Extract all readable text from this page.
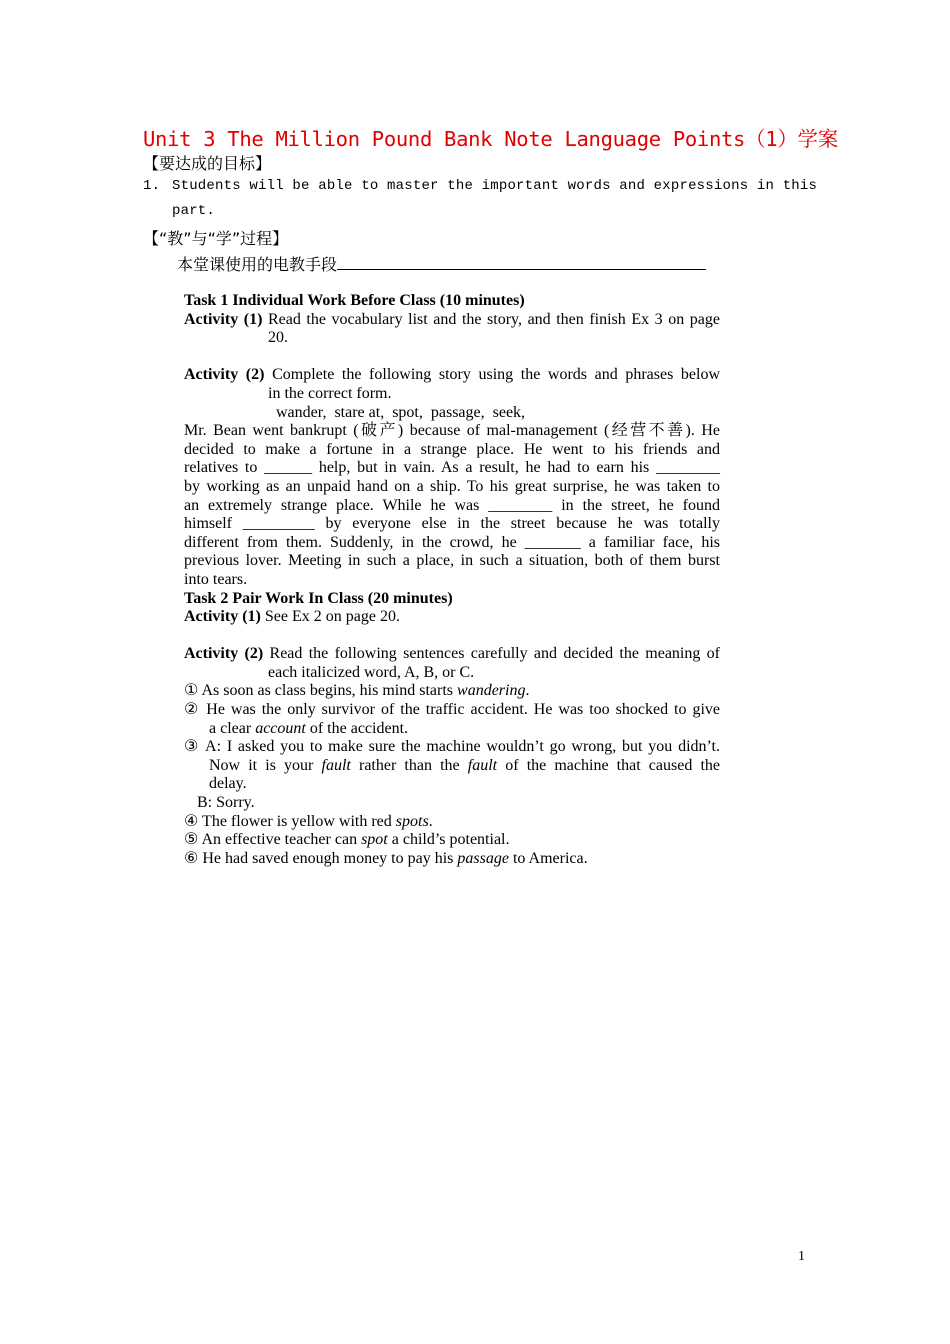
Unit 3 The Million Pound Bank Note Language Points（1）学案
【要达成的目标】
1. Students will be able to master the important words and expressions in this
part.
【“教”与“学”过程】
本堂课使用的电教手段
Task 1 Individual Work Before Class (10 minutes)
Activity (1) Read the vocabulary list and the story, and then finish Ex 3 on page
20.
Activity (2) Complete the following story using the words and phrases below
in the correct form.
wander,  stare at,  spot,  passage,  seek,
Mr. Bean went bankrupt (破产) because of mal-management (经营不善). He
decided to make a fortune in a strange place. He went to his friends and
relatives to ______ help, but in vain. As a result, he had to earn his ________
by working as an unpaid hand on a ship. To his great surprise, he was taken to
an extremely strange place. While he was ________ in the street, he found
himself _________ by everyone else in the street because he was totally
different from them. Suddenly, in the crowd, he _______ a familiar face, his
previous lover. Meeting in such a place, in such a situation, both of them burst
into tears.
Task 2 Pair Work In Class (20 minutes)
Activity (1) See Ex 2 on page 20.
Activity (2) Read the following sentences carefully and decided the meaning of
each italicized word, A, B, or C.
① As soon as class begins, his mind starts wandering.
② He was the only survivor of the traffic accident. He was too shocked to give
a clear account of the accident.
③ A: I asked you to make sure the machine wouldn’t go wrong, but you didn’t.
Now it is your fault rather than the fault of the machine that caused the
delay.
B: Sorry.
④ The flower is yellow with red spots.
⑤ An effective teacher can spot a child’s potential.
⑥ He had saved enough money to pay his passage to America.
1
